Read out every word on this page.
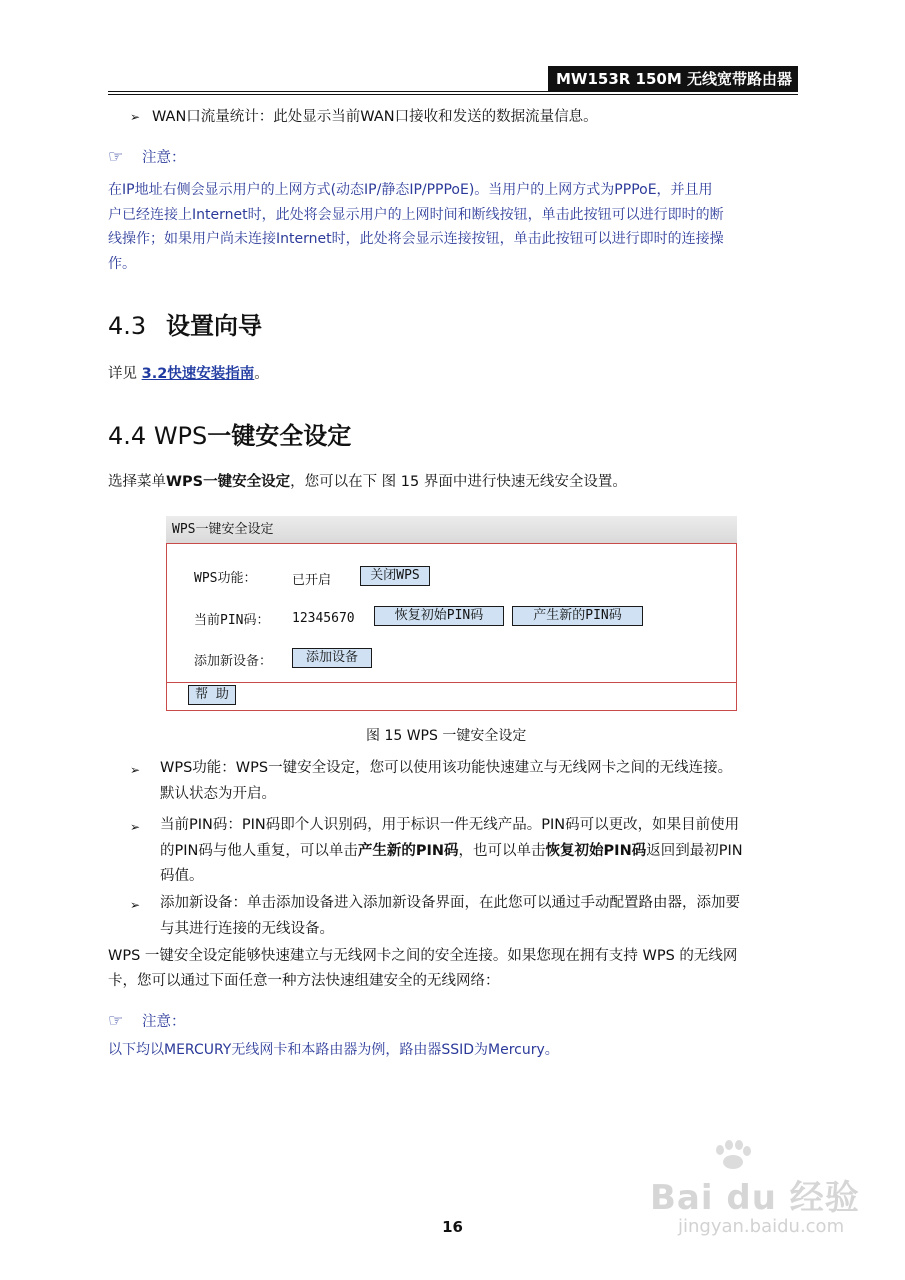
MW153R 150M 无线宽带路由器
➢ WAN口流量统计：此处显示当前WAN口接收和发送的数据流量信息。
☞ 注意：
在IP地址右侧会显示用户的上网方式(动态IP/静态IP/PPPoE)。当用户的上网方式为PPPoE，并且用
户已经连接上Internet时，此处将会显示用户的上网时间和断线按钮，单击此按钮可以进行即时的断
线操作；如果用户尚未连接Internet时，此处将会显示连接按钮，单击此按钮可以进行即时的连接操
作。
4.3 设置向导
详见 3.2快速安装指南。
4.4 WPS一键安全设定
选择菜单WPS一键安全设定，您可以在下 图 15 界面中进行快速无线安全设置。
WPS一键安全设定
WPS功能：	已开启	关闭WPS
当前PIN码： 12345670	恢复初始PIN码	产生新的PIN码
添加新设备：	添加设备
帮 助
图 15 WPS 一键安全设定
➢ WPS功能：WPS一键安全设定，您可以使用该功能快速建立与无线网卡之间的无线连接。
默认状态为开启。
➢ 当前PIN码：PIN码即个人识别码，用于标识一件无线产品。PIN码可以更改，如果目前使用
的PIN码与他人重复，可以单击产生新的PIN码，也可以单击恢复初始PIN码返回到最初PIN
码值。
➢ 添加新设备：单击添加设备进入添加新设备界面，在此您可以通过手动配置路由器，添加要
与其进行连接的无线设备。
WPS 一键安全设定能够快速建立与无线网卡之间的安全连接。如果您现在拥有支持 WPS 的无线网
卡，您可以通过下面任意一种方法快速组建安全的无线网络：
☞ 注意：
以下均以MERCURY无线网卡和本路由器为例，路由器SSID为Mercury。
Bai du 经验
jingyan.baidu.com
16
